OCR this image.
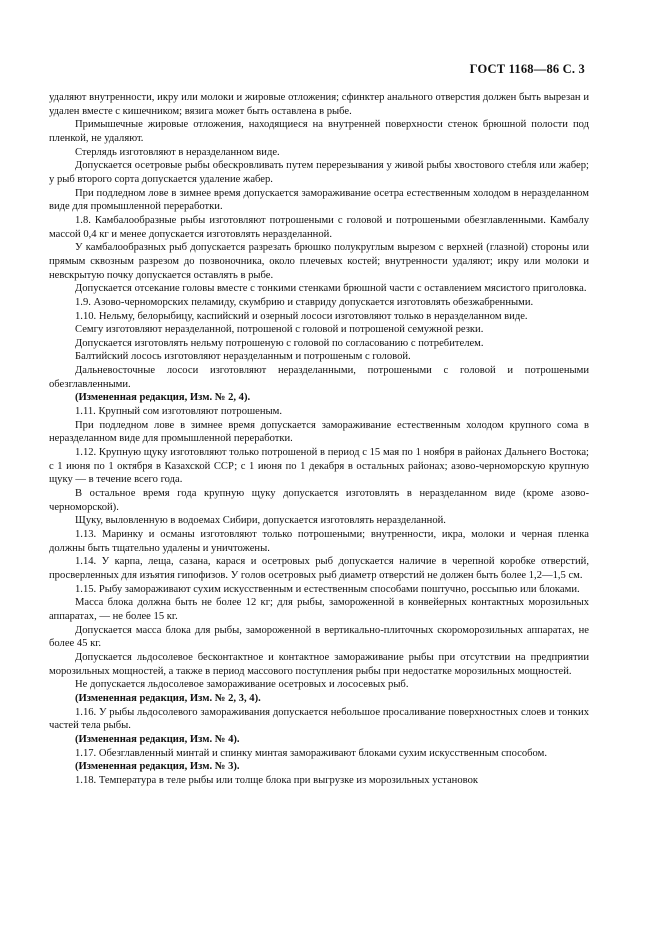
ГОСТ 1168—86 С. 3

удаляют внутренности, икру или молоки и жировые отложения; сфинктер анального отверстия должен быть вырезан и удален вместе с кишечником; вязига может быть оставлена в рыбе.

Примышечные жировые отложения, находящиеся на внутренней поверхности стенок брюшной полости под пленкой, не удаляют.

Стерлядь изготовляют в неразделанном виде.

Допускается осетровые рыбы обескровливать путем перерезывания у живой рыбы хвостового стебля или жабер; у рыб второго сорта допускается удаление жабер.

При подледном лове в зимнее время допускается замораживание осетра естественным холодом в неразделанном виде для промышленной переработки.

1.8. Камбалообразные рыбы изготовляют потрошеными с головой и потрошеными обезглавленными. Камбалу массой 0,4 кг и менее допускается изготовлять неразделанной.

У камбалообразных рыб допускается разрезать брюшко полукруглым вырезом с верхней (глазной) стороны или прямым сквозным разрезом до позвоночника, около плечевых костей; внутренности удаляют; икру или молоки и невскрытую почку допускается оставлять в рыбе.

Допускается отсекание головы вместе с тонкими стенками брюшной части с оставлением мясистого приголовка.

1.9. Азово-черноморских пеламиду, скумбрию и ставриду допускается изготовлять обезжабренными.

1.10. Нельму, белорыбицу, каспийский и озерный лососи изготовляют только в неразделанном виде.

Семгу изготовляют неразделанной, потрошеной с головой и потрошеной семужной резки.

Допускается изготовлять нельму потрошеную с головой по согласованию с потребителем.

Балтийский лосось изготовляют неразделанным и потрошеным с головой.

Дальневосточные лососи изготовляют неразделанными, потрошеными с головой и потрошеными обезглавленными.

(Измененная редакция, Изм. № 2, 4).

1.11. Крупный сом изготовляют потрошеным.

При подледном лове в зимнее время допускается замораживание естественным холодом крупного сома в неразделанном виде для промышленной переработки.

1.12. Крупную щуку изготовляют только потрошеной в период с 15 мая по 1 ноября в районах Дальнего Востока; с 1 июня по 1 октября в Казахской ССР; с 1 июня по 1 декабря в остальных районах; азово-черноморскую крупную щуку — в течение всего года.

В остальное время года крупную щуку допускается изготовлять в неразделанном виде (кроме азово-черноморской).

Щуку, выловленную в водоемах Сибири, допускается изготовлять неразделанной.

1.13. Маринку и османы изготовляют только потрошеными; внутренности, икра, молоки и черная пленка должны быть тщательно удалены и уничтожены.

1.14. У карпа, леща, сазана, карася и осетровых рыб допускается наличие в черепной коробке отверстий, просверленных для изъятия гипофизов. У голов осетровых рыб диаметр отверстий не должен быть более 1,2—1,5 см.

1.15. Рыбу замораживают сухим искусственным и естественным способами поштучно, россыпью или блоками.

Масса блока должна быть не более 12 кг; для рыбы, замороженной в конвейерных контактных морозильных аппаратах, — не более 15 кг.

Допускается масса блока для рыбы, замороженной в вертикально-плиточных скороморозильных аппаратах, не более 45 кг.

Допускается льдосолевое бесконтактное и контактное замораживание рыбы при отсутствии на предприятии морозильных мощностей, а также в период массового поступления рыбы при недостатке морозильных мощностей.

Не допускается льдосолевое замораживание осетровых и лососевых рыб.

(Измененная редакция, Изм. № 2, 3, 4).

1.16. У рыбы льдосолевого замораживания допускается небольшое просаливание поверхностных слоев и тонких частей тела рыбы.

(Измененная редакция, Изм. № 4).

1.17. Обезглавленный минтай и спинку минтая замораживают блоками сухим искусственным способом.

(Измененная редакция, Изм. № 3).

1.18. Температура в теле рыбы или толще блока при выгрузке из морозильных установок
